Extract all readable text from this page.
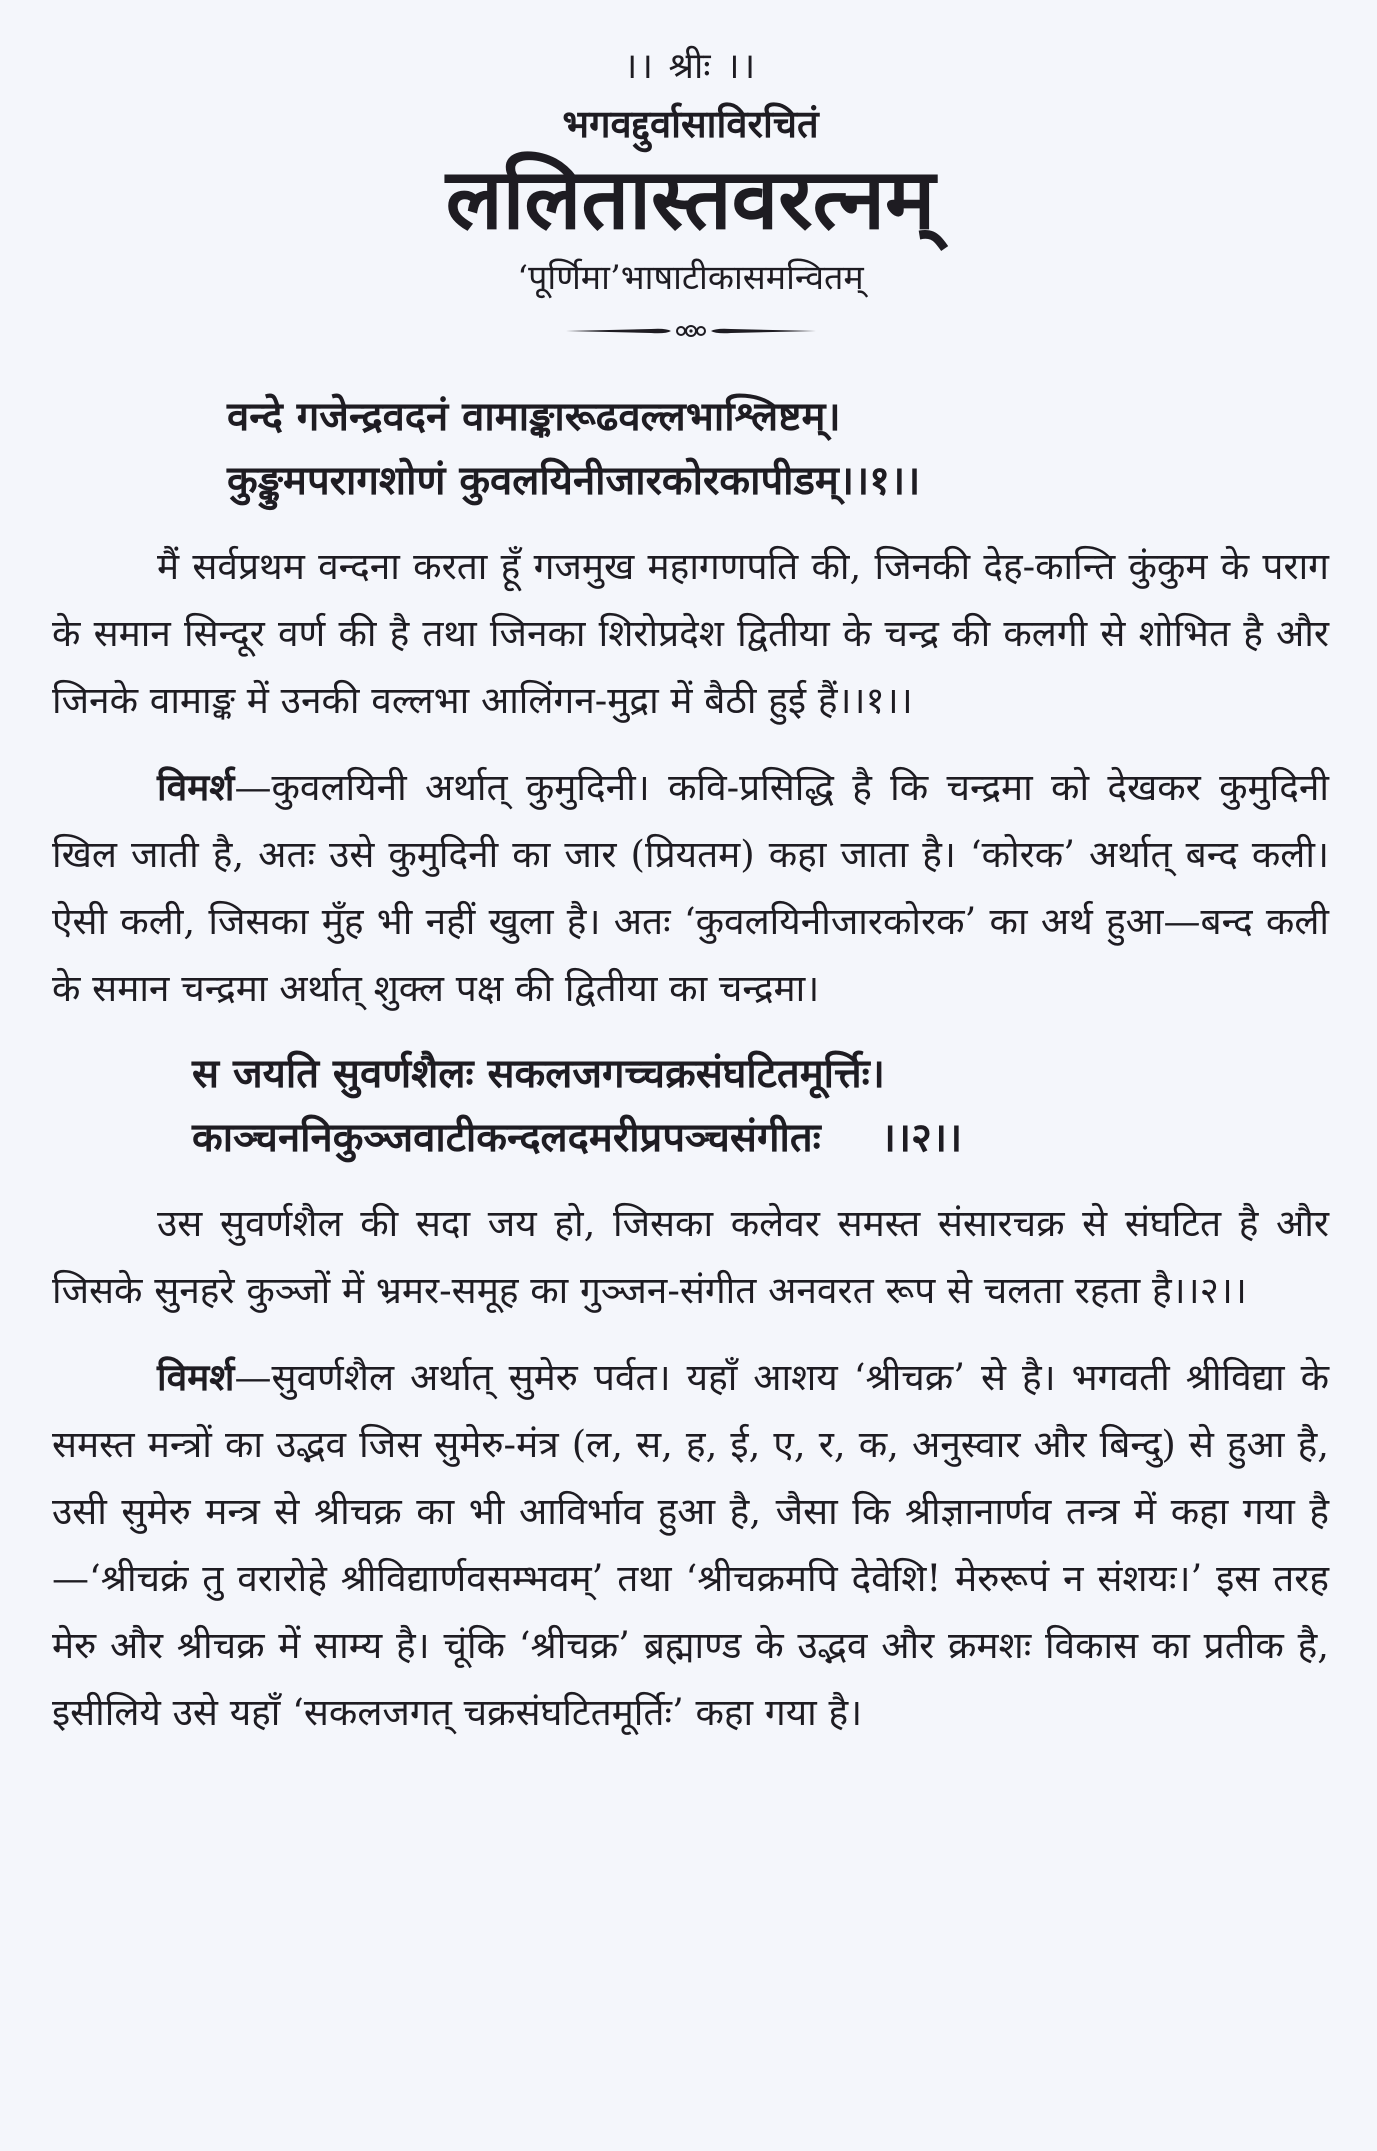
।। श्रीः ।।
भगवद्दुर्वासाविरचितं
ललितास्तवरत्नम्
‘पूर्णिमा’भाषाटीकासमन्वितम्

वन्दे गजेन्द्रवदनं वामाङ्कारूढवल्लभाश्लिष्टम्।

कुङ्कुमपरागशोणं कुवलयिनीजारकोरकापीडम्।।१।।

मैं सर्वप्रथम वन्दना करता हूँ गजमुख महागणपति की, जिनकी देह-कान्ति कुंकुम के पराग के समान सिन्दूर वर्ण की है तथा जिनका शिरोप्रदेश द्वितीया के चन्द्र की कलगी से शोभित है और जिनके वामाङ्क में उनकी वल्लभा आलिंगन-मुद्रा में बैठी हुई हैं।।१।।

विमर्श—कुवलयिनी अर्थात् कुमुदिनी। कवि-प्रसिद्धि है कि चन्द्रमा को देखकर कुमुदिनी खिल जाती है, अतः उसे कुमुदिनी का जार (प्रियतम) कहा जाता है। ‘कोरक’ अर्थात् बन्द कली। ऐसी कली, जिसका मुँह भी नहीं खुला है। अतः ‘कुवलयिनीजारकोरक’ का अर्थ हुआ—बन्द कली के समान चन्द्रमा अर्थात् शुक्ल पक्ष की द्वितीया का चन्द्रमा।

स जयति सुवर्णशैलः सकलजगच्चक्रसंघटितमूर्त्तिः।

काञ्चननिकुञ्जवाटीकन्दलदमरीप्रपञ्चसंगीतः ।।२।।

उस सुवर्णशैल की सदा जय हो, जिसका कलेवर समस्त संसारचक्र से संघटित है और जिसके सुनहरे कुञ्जों में भ्रमर-समूह का गुञ्जन-संगीत अनवरत रूप से चलता रहता है।।२।।

विमर्श—सुवर्णशैल अर्थात् सुमेरु पर्वत। यहाँ आशय ‘श्रीचक्र’ से है। भगवती श्रीविद्या के समस्त मन्त्रों का उद्भव जिस सुमेरु-मंत्र (ल, स, ह, ई, ए, र, क, अनुस्वार और बिन्दु) से हुआ है, उसी सुमेरु मन्त्र से श्रीचक्र का भी आविर्भाव हुआ है, जैसा कि श्रीज्ञानार्णव तन्त्र में कहा गया है—‘श्रीचक्रं तु वरारोहे श्रीविद्यार्णवसम्भवम्’ तथा ‘श्रीचक्रमपि देवेशि! मेरुरूपं न संशयः।’ इस तरह मेरु और श्रीचक्र में साम्य है। चूंकि ‘श्रीचक्र’ ब्रह्माण्ड के उद्भव और क्रमशः विकास का प्रतीक है, इसीलिये उसे यहाँ ‘सकलजगत् चक्रसंघटितमूर्तिः’ कहा गया है।
